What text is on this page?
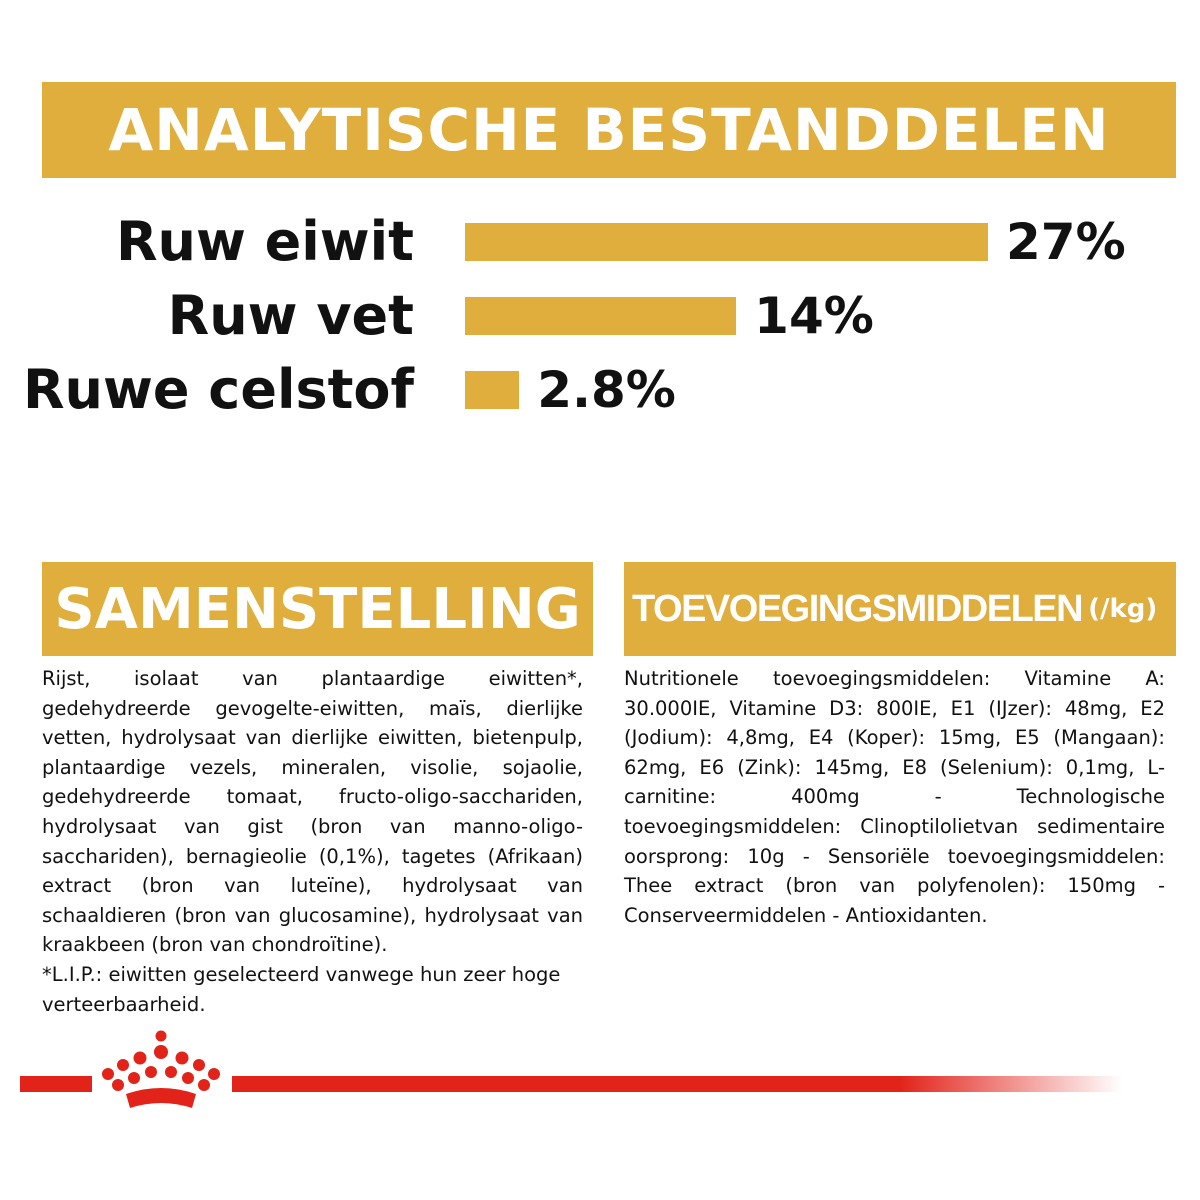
ANALYTISCHE BESTANDDELEN
Ruw eiwit	27%
Ruw vet	14%
Ruwe celstof 2.8%
SAMENSTELLING TOEVOEGINGSMIDDELEN (/kg)
Rijst, isolaat van plantaardige eiwitten*, gedehydreerde gevogelte-eiwitten, maïs, dierlijke vetten, hydrolysaat van dierlijke eiwitten, bietenpulp, plantaardige vezels, mineralen, visolie, sojaolie, gedehydreerde tomaat, fructo-oligo-sacchariden, hydrolysaat van gist (bron van manno-oligo-sacchariden), bernagieolie (0,1%), tagetes (Afrikaan) extract (bron van luteïne), hydrolysaat van schaaldieren (bron van glucosamine), hydrolysaat van kraakbeen (bron van chondroïtine).
*L.I.P.: eiwitten geselecteerd vanwege hun zeer hoge verteerbaarheid.
Nutritionele toevoegingsmiddelen: Vitamine A: 30.000IE, Vitamine D3: 800IE, E1 (IJzer): 48mg, E2 (Jodium): 4,8mg, E4 (Koper): 15mg, E5 (Mangaan): 62mg, E6 (Zink): 145mg, E8 (Selenium): 0,1mg, L-carnitine: 400mg - Technologische toevoegingsmiddelen: Clinoptilolietvan sedimentaire oorsprong: 10g - Sensoriële toevoegingsmiddelen: Thee extract (bron van polyfenolen): 150mg - Conserveermiddelen - Antioxidanten.
